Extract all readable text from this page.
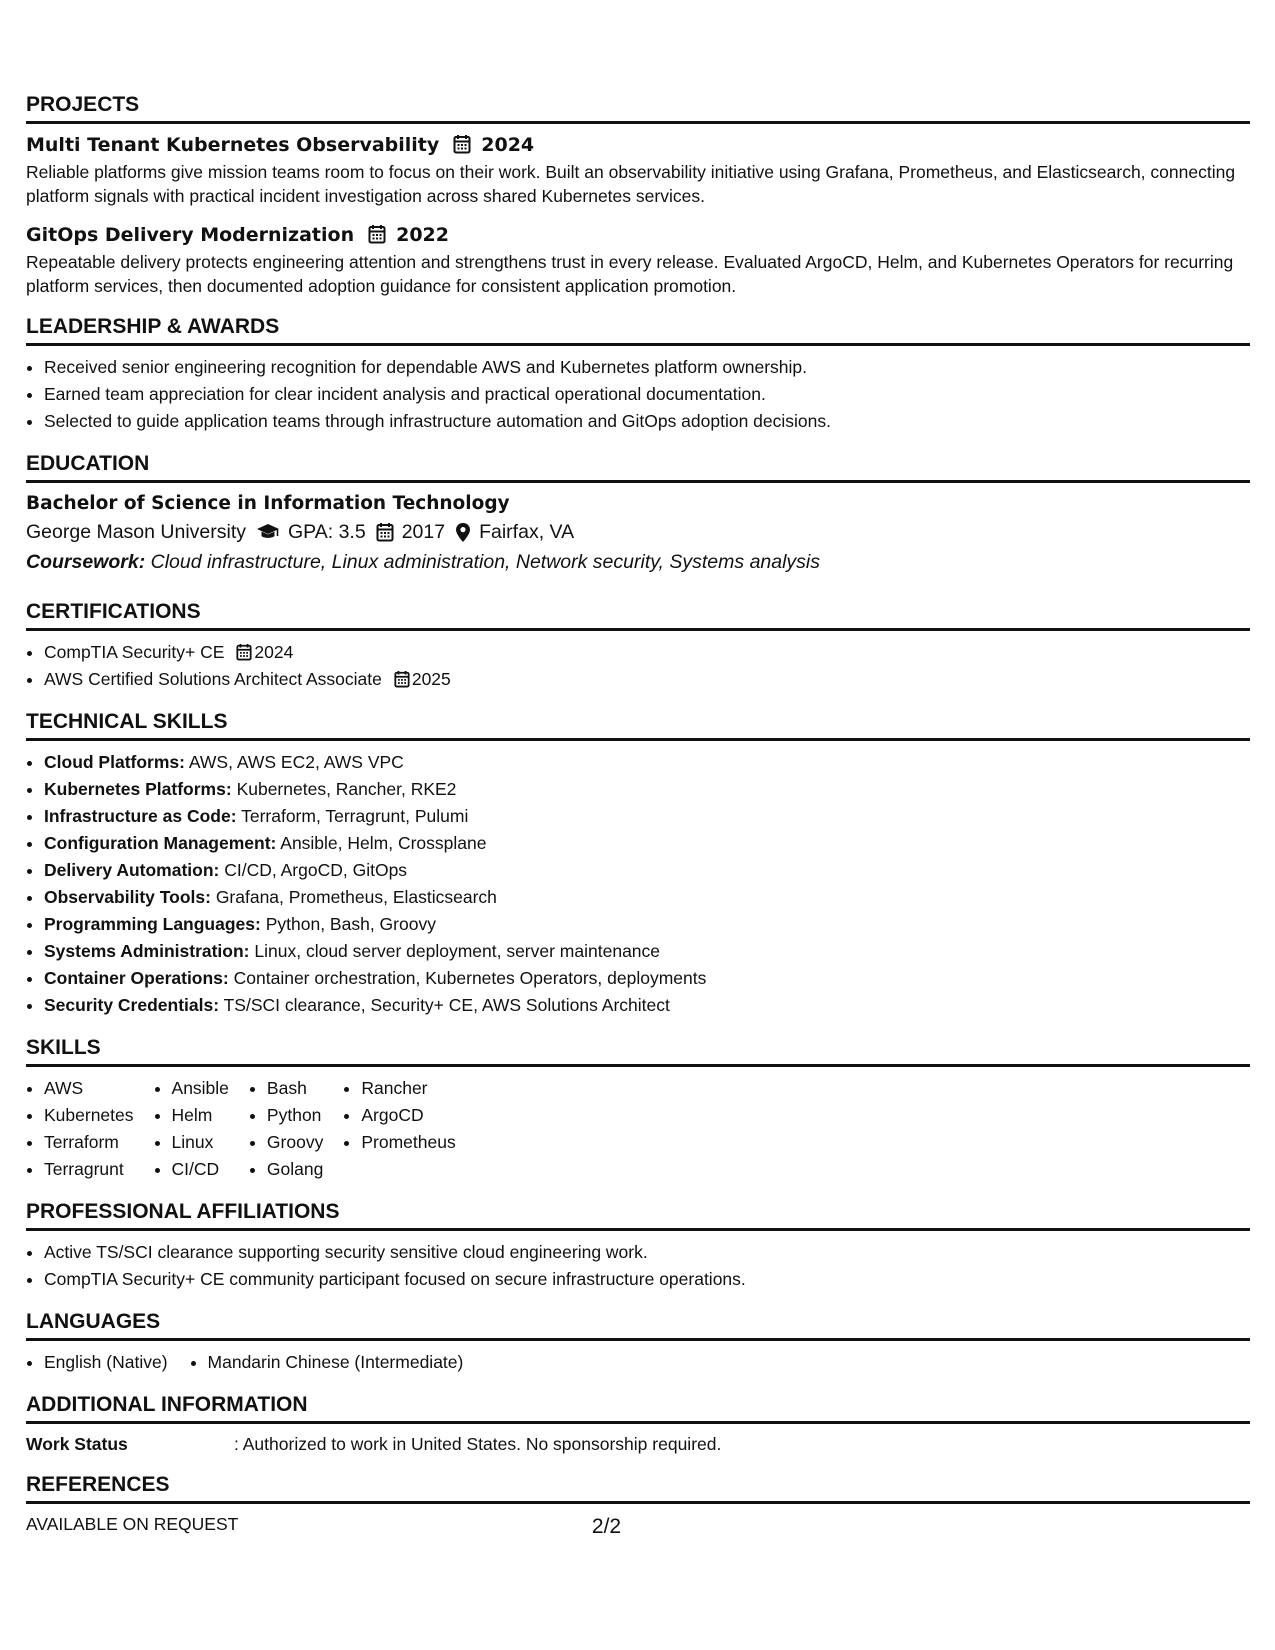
PROJECTS
Multi Tenant Kubernetes Observability 2024
Reliable platforms give mission teams room to focus on their work. Built an observability initiative using Grafana, Prometheus, and Elasticsearch, connecting platform signals with practical incident investigation across shared Kubernetes services.
GitOps Delivery Modernization 2022
Repeatable delivery protects engineering attention and strengthens trust in every release. Evaluated ArgoCD, Helm, and Kubernetes Operators for recurring platform services, then documented adoption guidance for consistent application promotion.
LEADERSHIP & AWARDS
• Received senior engineering recognition for dependable AWS and Kubernetes platform ownership.
• Earned team appreciation for clear incident analysis and practical operational documentation.
• Selected to guide application teams through infrastructure automation and GitOps adoption decisions.
EDUCATION
Bachelor of Science in Information Technology
George Mason University GPA: 3.5 2017 Fairfax, VA
Coursework: Cloud infrastructure, Linux administration, Network security, Systems analysis
CERTIFICATIONS
• CompTIA Security+ CE 2024
• AWS Certified Solutions Architect Associate 2025
TECHNICAL SKILLS
• Cloud Platforms: AWS, AWS EC2, AWS VPC
• Kubernetes Platforms: Kubernetes, Rancher, RKE2
• Infrastructure as Code: Terraform, Terragrunt, Pulumi
• Configuration Management: Ansible, Helm, Crossplane
• Delivery Automation: CI/CD, ArgoCD, GitOps
• Observability Tools: Grafana, Prometheus, Elasticsearch
• Programming Languages: Python, Bash, Groovy
• Systems Administration: Linux, cloud server deployment, server maintenance
• Container Operations: Container orchestration, Kubernetes Operators, deployments
• Security Credentials: TS/SCI clearance, Security+ CE, AWS Solutions Architect
SKILLS
• AWS
• Kubernetes
• Terraform
• Terragrunt
• Ansible
• Helm
• Linux
• CI/CD
• Bash
• Python
• Groovy
• Golang
• Rancher
• ArgoCD
• Prometheus
PROFESSIONAL AFFILIATIONS
• Active TS/SCI clearance supporting security sensitive cloud engineering work.
• CompTIA Security+ CE community participant focused on secure infrastructure operations.
LANGUAGES
• English (Native)
• Mandarin Chinese (Intermediate)
ADDITIONAL INFORMATION
Work Status	: Authorized to work in United States. No sponsorship required.
REFERENCES
AVAILABLE ON REQUEST	2/2
